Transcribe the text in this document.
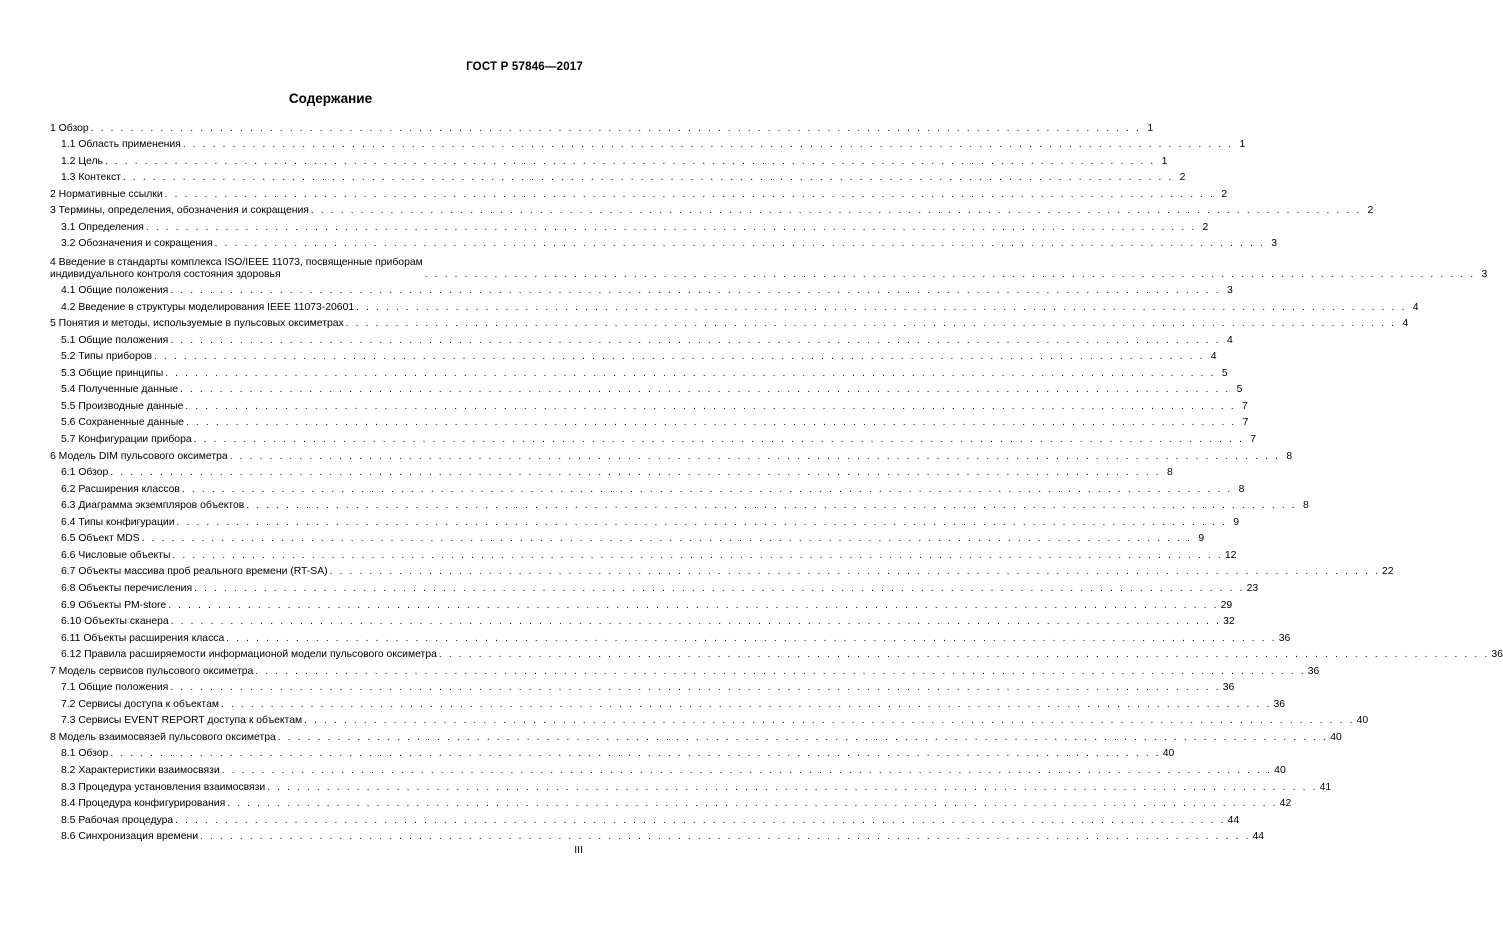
ГОСТ Р 57846—2017
Содержание
1 Обзор . . . . . . . . . . . . . . . . . . . . . . . . . . . . . . . . . . . . . . . . . . . . . . . . . . . . . . . . . . . . . . . . . . . . . . . . . . . . . . . . . . . . . . . . . . . . . . . . . . . . . . . . . . 1
1.1 Область применения . . . . . . . . . . . . . . . . . . . . . . . . . . . . . . . . . . . . . . . . . . . . . . . . . . . . . . . . . . . . . . . . . . . . . . . . . . . . . . . . . . . . . . . . . . . . . . . . . . . . . . . . . . 1
1.2 Цель . . . . . . . . . . . . . . . . . . . . . . . . . . . . . . . . . . . . . . . . . . . . . . . . . . . . . . . . . . . . . . . . . . . . . . . . . . . . . . . . . . . . . . . . . . . . . . . . . . . . . . . . . . 1
1.3 Контекст . . . . . . . . . . . . . . . . . . . . . . . . . . . . . . . . . . . . . . . . . . . . . . . . . . . . . . . . . . . . . . . . . . . . . . . . . . . . . . . . . . . . . . . . . . . . . . . . . . . . . . . . . . 2
2 Нормативные ссылки . . . . . . . . . . . . . . . . . . . . . . . . . . . . . . . . . . . . . . . . . . . . . . . . . . . . . . . . . . . . . . . . . . . . . . . . . . . . . . . . . . . . . . . . . . . . . . . . . . . . . . . . . . 2
3 Термины, определения, обозначения и сокращения . . . . . . . . . . . . . . . . . . . . . . . . . . . . . . . . . . . . . . . . . . . . . . . . . . . . . . . . . . . . . . . . . . . . . . . . . . . . . . . . . . . . . . . . . . . . . . . . . . . . . . . . . . 2
3.1 Определения . . . . . . . . . . . . . . . . . . . . . . . . . . . . . . . . . . . . . . . . . . . . . . . . . . . . . . . . . . . . . . . . . . . . . . . . . . . . . . . . . . . . . . . . . . . . . . . . . . . . . . . . . . 2
3.2 Обозначения и сокращения . . . . . . . . . . . . . . . . . . . . . . . . . . . . . . . . . . . . . . . . . . . . . . . . . . . . . . . . . . . . . . . . . . . . . . . . . . . . . . . . . . . . . . . . . . . . . . . . . . . . . . . . . . 3
4 Введение в стандарты комплекса ISO/IEEE 11073, посвященные приборам
индивидуального контроля состояния здоровья	. . . . . . . . . . . . . . . . . . . . . . . . . . . . . . . . . . . . . . . . . . . . . . . . . . . . . . . . . . . . . . . . . . . . . . . . . . . . . . . . . . . . . . . . . . . . . . . . . . . . . . . . . . 3
4.1 Общие положения . . . . . . . . . . . . . . . . . . . . . . . . . . . . . . . . . . . . . . . . . . . . . . . . . . . . . . . . . . . . . . . . . . . . . . . . . . . . . . . . . . . . . . . . . . . . . . . . . . . . . . . . . . 3
4.2 Введение в структуры моделирования IEEE 11073-20601 . . . . . . . . . . . . . . . . . . . . . . . . . . . . . . . . . . . . . . . . . . . . . . . . . . . . . . . . . . . . . . . . . . . . . . . . . . . . . . . . . . . . . . . . . . . . . . . . . . . . . . . . . . 4
5 Понятия и методы, используемые в пульсовых оксиметрах . . . . . . . . . . . . . . . . . . . . . . . . . . . . . . . . . . . . . . . . . . . . . . . . . . . . . . . . . . . . . . . . . . . . . . . . . . . . . . . . . . . . . . . . . . . . . . . . . . . . . . . . . . 4
5.1 Общие положения . . . . . . . . . . . . . . . . . . . . . . . . . . . . . . . . . . . . . . . . . . . . . . . . . . . . . . . . . . . . . . . . . . . . . . . . . . . . . . . . . . . . . . . . . . . . . . . . . . . . . . . . . . 4
5.2 Типы приборов . . . . . . . . . . . . . . . . . . . . . . . . . . . . . . . . . . . . . . . . . . . . . . . . . . . . . . . . . . . . . . . . . . . . . . . . . . . . . . . . . . . . . . . . . . . . . . . . . . . . . . . . . . 4
5.3 Общие принципы . . . . . . . . . . . . . . . . . . . . . . . . . . . . . . . . . . . . . . . . . . . . . . . . . . . . . . . . . . . . . . . . . . . . . . . . . . . . . . . . . . . . . . . . . . . . . . . . . . . . . . . . . . 5
5.4 Полученные данные . . . . . . . . . . . . . . . . . . . . . . . . . . . . . . . . . . . . . . . . . . . . . . . . . . . . . . . . . . . . . . . . . . . . . . . . . . . . . . . . . . . . . . . . . . . . . . . . . . . . . . . . . . 5
5.5 Производные данные . . . . . . . . . . . . . . . . . . . . . . . . . . . . . . . . . . . . . . . . . . . . . . . . . . . . . . . . . . . . . . . . . . . . . . . . . . . . . . . . . . . . . . . . . . . . . . . . . . . . . . . . . . 7
5.6 Сохраненные данные . . . . . . . . . . . . . . . . . . . . . . . . . . . . . . . . . . . . . . . . . . . . . . . . . . . . . . . . . . . . . . . . . . . . . . . . . . . . . . . . . . . . . . . . . . . . . . . . . . . . . . . . . . 7
5.7 Конфигурации прибора . . . . . . . . . . . . . . . . . . . . . . . . . . . . . . . . . . . . . . . . . . . . . . . . . . . . . . . . . . . . . . . . . . . . . . . . . . . . . . . . . . . . . . . . . . . . . . . . . . . . . . . . . . 7
6 Модель DIM пульсового оксиметра . . . . . . . . . . . . . . . . . . . . . . . . . . . . . . . . . . . . . . . . . . . . . . . . . . . . . . . . . . . . . . . . . . . . . . . . . . . . . . . . . . . . . . . . . . . . . . . . . . . . . . . . . . 8
6.1 Обзор . . . . . . . . . . . . . . . . . . . . . . . . . . . . . . . . . . . . . . . . . . . . . . . . . . . . . . . . . . . . . . . . . . . . . . . . . . . . . . . . . . . . . . . . . . . . . . . . . . . . . . . . . . 8
6.2 Расширения классов . . . . . . . . . . . . . . . . . . . . . . . . . . . . . . . . . . . . . . . . . . . . . . . . . . . . . . . . . . . . . . . . . . . . . . . . . . . . . . . . . . . . . . . . . . . . . . . . . . . . . . . . . . 8
6.3 Диаграмма экземпляров объектов . . . . . . . . . . . . . . . . . . . . . . . . . . . . . . . . . . . . . . . . . . . . . . . . . . . . . . . . . . . . . . . . . . . . . . . . . . . . . . . . . . . . . . . . . . . . . . . . . . . . . . . . . . 8
6.4 Типы конфигурации . . . . . . . . . . . . . . . . . . . . . . . . . . . . . . . . . . . . . . . . . . . . . . . . . . . . . . . . . . . . . . . . . . . . . . . . . . . . . . . . . . . . . . . . . . . . . . . . . . . . . . . . . . 9
6.5 Объект MDS . . . . . . . . . . . . . . . . . . . . . . . . . . . . . . . . . . . . . . . . . . . . . . . . . . . . . . . . . . . . . . . . . . . . . . . . . . . . . . . . . . . . . . . . . . . . . . . . . . . . . . . . . . 9
6.6 Числовые объекты . . . . . . . . . . . . . . . . . . . . . . . . . . . . . . . . . . . . . . . . . . . . . . . . . . . . . . . . . . . . . . . . . . . . . . . . . . . . . . . . . . . . . . . . . . . . . . . . . . . . . . . . . . 12
6.7 Объекты массива проб реального времени (RT-SA) . . . . . . . . . . . . . . . . . . . . . . . . . . . . . . . . . . . . . . . . . . . . . . . . . . . . . . . . . . . . . . . . . . . . . . . . . . . . . . . . . . . . . . . . . . . . . . . . . . . . . . . . . . 22
6.8 Объекты перечисления . . . . . . . . . . . . . . . . . . . . . . . . . . . . . . . . . . . . . . . . . . . . . . . . . . . . . . . . . . . . . . . . . . . . . . . . . . . . . . . . . . . . . . . . . . . . . . . . . . . . . . . . . . 23
6.9 Объекты PM-store . . . . . . . . . . . . . . . . . . . . . . . . . . . . . . . . . . . . . . . . . . . . . . . . . . . . . . . . . . . . . . . . . . . . . . . . . . . . . . . . . . . . . . . . . . . . . . . . . . . . . . . . . . 29
6.10 Объекты сканера . . . . . . . . . . . . . . . . . . . . . . . . . . . . . . . . . . . . . . . . . . . . . . . . . . . . . . . . . . . . . . . . . . . . . . . . . . . . . . . . . . . . . . . . . . . . . . . . . . . . . . . . . . 32
6.11 Объекты расширения класса . . . . . . . . . . . . . . . . . . . . . . . . . . . . . . . . . . . . . . . . . . . . . . . . . . . . . . . . . . . . . . . . . . . . . . . . . . . . . . . . . . . . . . . . . . . . . . . . . . . . . . . . . . 36
6.12 Правила расширяемости информационой модели пульсового оксиметра . . . . . . . . . . . . . . . . . . . . . . . . . . . . . . . . . . . . . . . . . . . . . . . . . . . . . . . . . . . . . . . . . . . . . . . . . . . . . . . . . . . . . . . . . . . . . . . . . . . . . . . . . . 36
7 Модель сервисов пульсового оксиметра . . . . . . . . . . . . . . . . . . . . . . . . . . . . . . . . . . . . . . . . . . . . . . . . . . . . . . . . . . . . . . . . . . . . . . . . . . . . . . . . . . . . . . . . . . . . . . . . . . . . . . . . . . 36
7.1 Общие положения . . . . . . . . . . . . . . . . . . . . . . . . . . . . . . . . . . . . . . . . . . . . . . . . . . . . . . . . . . . . . . . . . . . . . . . . . . . . . . . . . . . . . . . . . . . . . . . . . . . . . . . . . . 36
7.2 Сервисы доступа к объектам . . . . . . . . . . . . . . . . . . . . . . . . . . . . . . . . . . . . . . . . . . . . . . . . . . . . . . . . . . . . . . . . . . . . . . . . . . . . . . . . . . . . . . . . . . . . . . . . . . . . . . . . . . 36
7.3 Сервисы EVENT REPORT доступа к объектам . . . . . . . . . . . . . . . . . . . . . . . . . . . . . . . . . . . . . . . . . . . . . . . . . . . . . . . . . . . . . . . . . . . . . . . . . . . . . . . . . . . . . . . . . . . . . . . . . . . . . . . . . . 40
8 Модель взаимосвязей пульсового оксиметра . . . . . . . . . . . . . . . . . . . . . . . . . . . . . . . . . . . . . . . . . . . . . . . . . . . . . . . . . . . . . . . . . . . . . . . . . . . . . . . . . . . . . . . . . . . . . . . . . . . . . . . . . . 40
8.1 Обзор . . . . . . . . . . . . . . . . . . . . . . . . . . . . . . . . . . . . . . . . . . . . . . . . . . . . . . . . . . . . . . . . . . . . . . . . . . . . . . . . . . . . . . . . . . . . . . . . . . . . . . . . . . 40
8.2 Характеристики взаимосвязи . . . . . . . . . . . . . . . . . . . . . . . . . . . . . . . . . . . . . . . . . . . . . . . . . . . . . . . . . . . . . . . . . . . . . . . . . . . . . . . . . . . . . . . . . . . . . . . . . . . . . . . . . . 40
8.3 Процедура установления взаимосвязи . . . . . . . . . . . . . . . . . . . . . . . . . . . . . . . . . . . . . . . . . . . . . . . . . . . . . . . . . . . . . . . . . . . . . . . . . . . . . . . . . . . . . . . . . . . . . . . . . . . . . . . . . . 41
8.4 Процедура конфигурирования . . . . . . . . . . . . . . . . . . . . . . . . . . . . . . . . . . . . . . . . . . . . . . . . . . . . . . . . . . . . . . . . . . . . . . . . . . . . . . . . . . . . . . . . . . . . . . . . . . . . . . . . . . 42
8.5 Рабочая процедура . . . . . . . . . . . . . . . . . . . . . . . . . . . . . . . . . . . . . . . . . . . . . . . . . . . . . . . . . . . . . . . . . . . . . . . . . . . . . . . . . . . . . . . . . . . . . . . . . . . . . . . . . . 44
8.6 Синхронизация времени . . . . . . . . . . . . . . . . . . . . . . . . . . . . . . . . . . . . . . . . . . . . . . . . . . . . . . . . . . . . . . . . . . . . . . . . . . . . . . . . . . . . . . . . . . . . . . . . . . . . . . . . . . 44
III
